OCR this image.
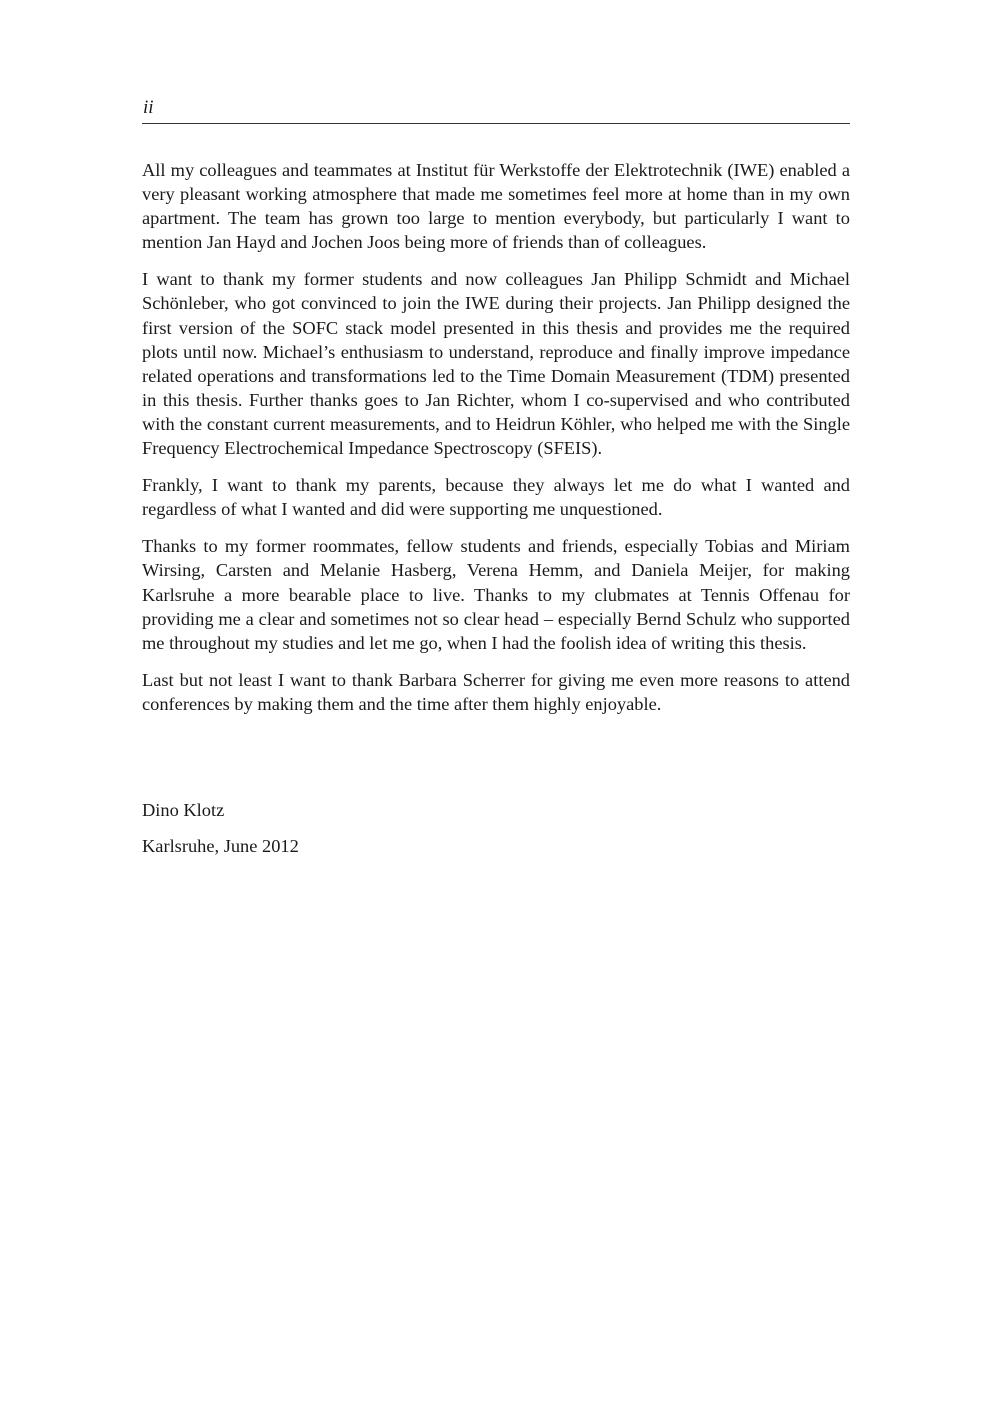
ii

All my colleagues and teammates at Institut für Werkstoffe der Elektrotechnik (IWE) enabled a very pleasant working atmosphere that made me sometimes feel more at home than in my own apartment. The team has grown too large to mention everybody, but particularly I want to mention Jan Hayd and Jochen Joos being more of friends than of colleagues.

I want to thank my former students and now colleagues Jan Philipp Schmidt and Michael Schönleber, who got convinced to join the IWE during their projects. Jan Philipp designed the first version of the SOFC stack model presented in this thesis and provides me the required plots until now. Michael’s enthusiasm to understand, reproduce and finally improve impedance related operations and transformations led to the Time Domain Measurement (TDM) presented in this thesis. Further thanks goes to Jan Richter, whom I co-supervised and who contributed with the constant current measurements, and to Heidrun Köhler, who helped me with the Single Frequency Electrochemical Impedance Spectroscopy (SFEIS).

Frankly, I want to thank my parents, because they always let me do what I wanted and regardless of what I wanted and did were supporting me unquestioned.

Thanks to my former roommates, fellow students and friends, especially Tobias and Miriam Wirsing, Carsten and Melanie Hasberg, Verena Hemm, and Daniela Meijer, for making Karlsruhe a more bearable place to live. Thanks to my clubmates at Tennis Offenau for providing me a clear and sometimes not so clear head – especially Bernd Schulz who supported me throughout my studies and let me go, when I had the foolish idea of writing this thesis.

Last but not least I want to thank Barbara Scherrer for giving me even more reasons to attend conferences by making them and the time after them highly enjoyable.

Dino Klotz

Karlsruhe, June 2012
